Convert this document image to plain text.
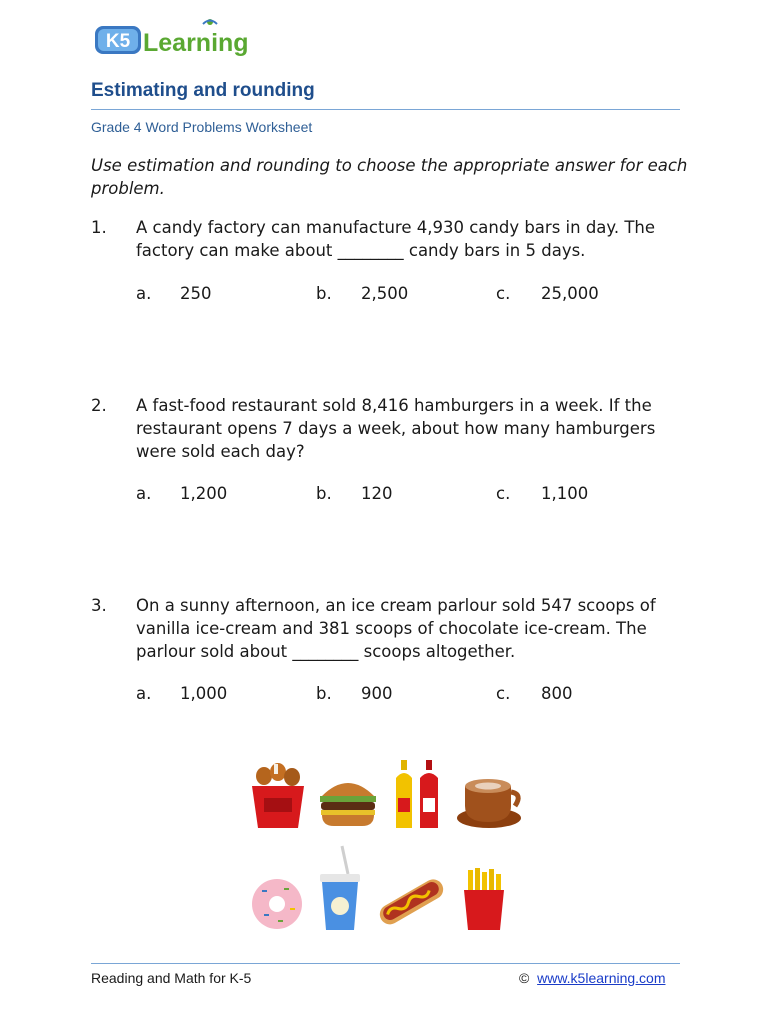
K5 Learning
Estimating and rounding
Grade 4 Word Problems Worksheet
Use estimation and rounding to choose the appropriate answer for each problem.
1. A candy factory can manufacture 4,930 candy bars in day. The factory can make about ________ candy bars in 5 days.
a. 250	b. 2,500	c. 25,000
2. A fast-food restaurant sold 8,416 hamburgers in a week. If the restaurant opens 7 days a week, about how many hamburgers were sold each day?
a. 1,200	b. 120	c. 1,100
3. On a sunny afternoon, an ice cream parlour sold 547 scoops of vanilla ice-cream and 381 scoops of chocolate ice-cream. The parlour sold about ________ scoops altogether.
a. 1,000	b. 900	c. 800
Reading and Math for K-5	© www.k5learning.com
